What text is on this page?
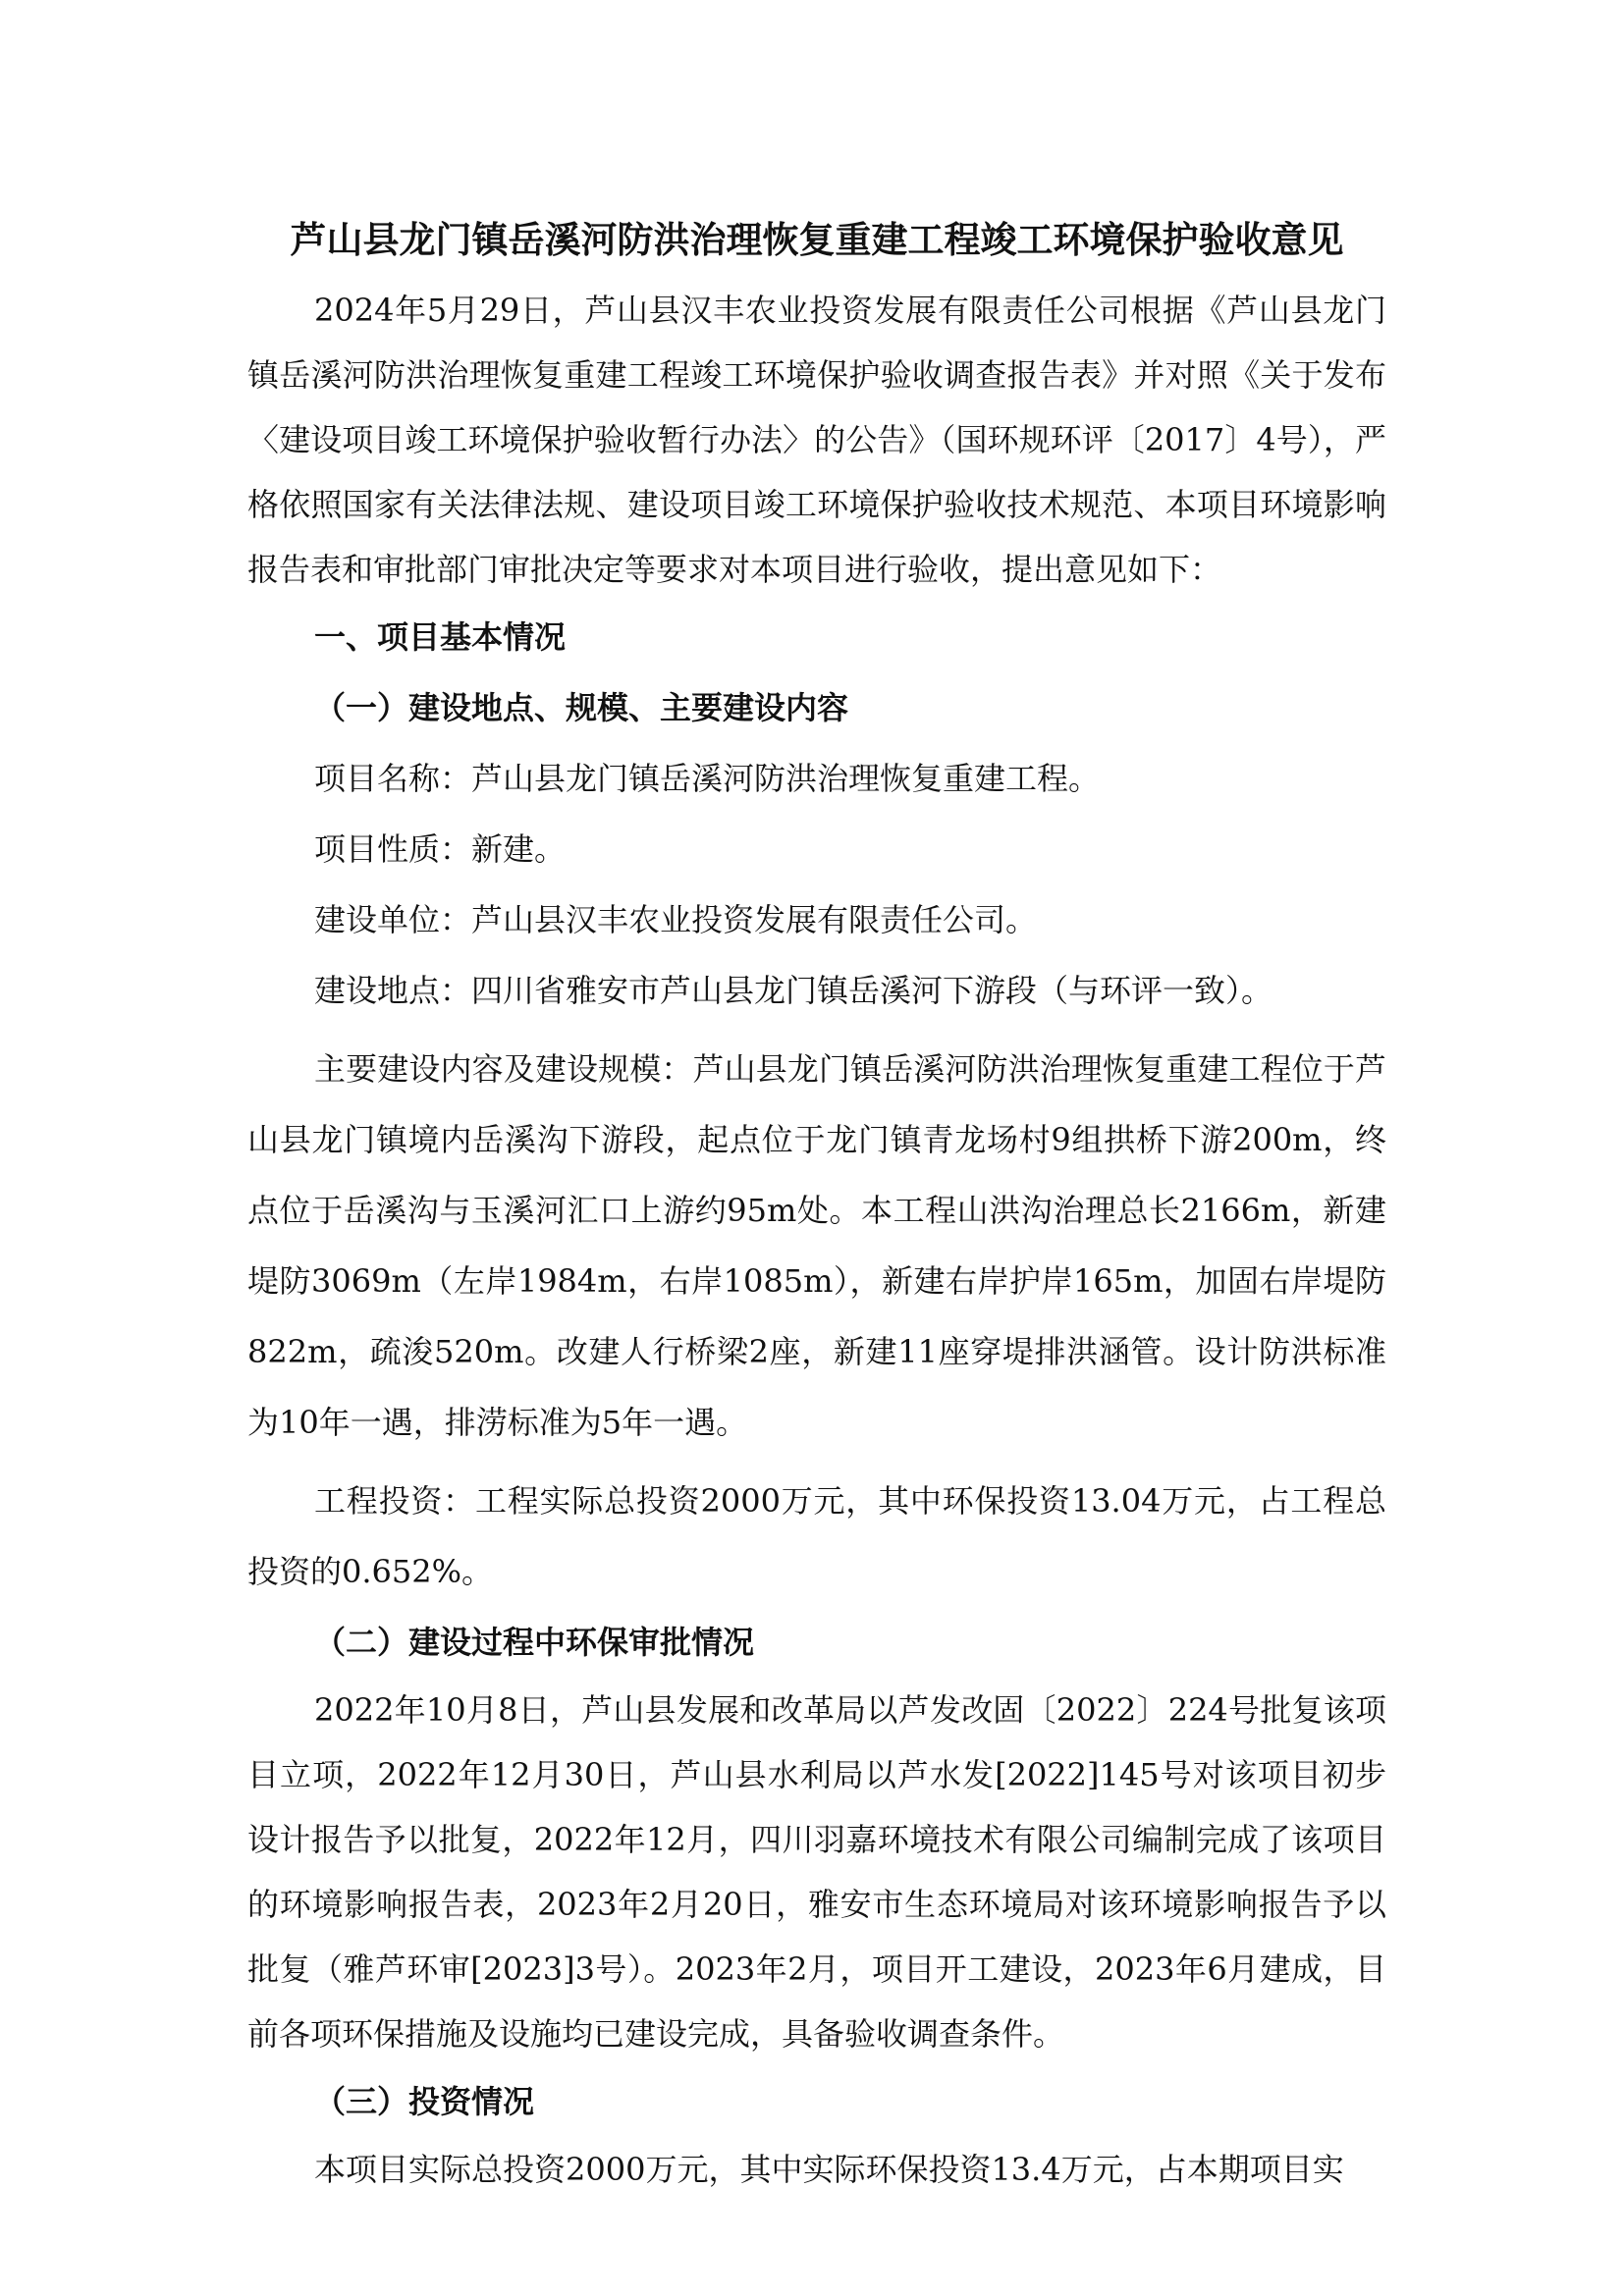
芦山县龙门镇岳溪河防洪治理恢复重建工程竣工环境保护验收意见

2024年5月29日，芦山县汉丰农业投资发展有限责任公司根据《芦山县龙门镇岳溪河防洪治理恢复重建工程竣工环境保护验收调查报告表》并对照《关于发布〈建设项目竣工环境保护验收暂行办法〉的公告》（国环规环评〔2017〕4号），严格依照国家有关法律法规、建设项目竣工环境保护验收技术规范、本项目环境影响报告表和审批部门审批决定等要求对本项目进行验收，提出意见如下：

一、项目基本情况
（一）建设地点、规模、主要建设内容

项目名称：芦山县龙门镇岳溪河防洪治理恢复重建工程。

项目性质：新建。

建设单位：芦山县汉丰农业投资发展有限责任公司。

建设地点：四川省雅安市芦山县龙门镇岳溪河下游段（与环评一致）。

主要建设内容及建设规模：芦山县龙门镇岳溪河防洪治理恢复重建工程位于芦山县龙门镇境内岳溪沟下游段，起点位于龙门镇青龙场村9组拱桥下游200m，终点位于岳溪沟与玉溪河汇口上游约95m处。本工程山洪沟治理总长2166m，新建堤防3069m（左岸1984m，右岸1085m），新建右岸护岸165m，加固右岸堤防822m，疏浚520m。改建人行桥梁2座，新建11座穿堤排洪涵管。设计防洪标准为10年一遇，排涝标准为5年一遇。

工程投资：工程实际总投资2000万元，其中环保投资13.04万元，占工程总投资的0.652%。

（二）建设过程中环保审批情况

2022年10月8日，芦山县发展和改革局以芦发改固〔2022〕224号批复该项目立项，2022年12月30日，芦山县水利局以芦水发[2022]145号对该项目初步设计报告予以批复，2022年12月，四川羽嘉环境技术有限公司编制完成了该项目的环境影响报告表，2023年2月20日，雅安市生态环境局对该环境影响报告予以批复（雅芦环审[2023]3号）。2023年2月，项目开工建设，2023年6月建成，目前各项环保措施及设施均已建设完成，具备验收调查条件。

（三）投资情况

本项目实际总投资2000万元，其中实际环保投资13.4万元，占本期项目实
